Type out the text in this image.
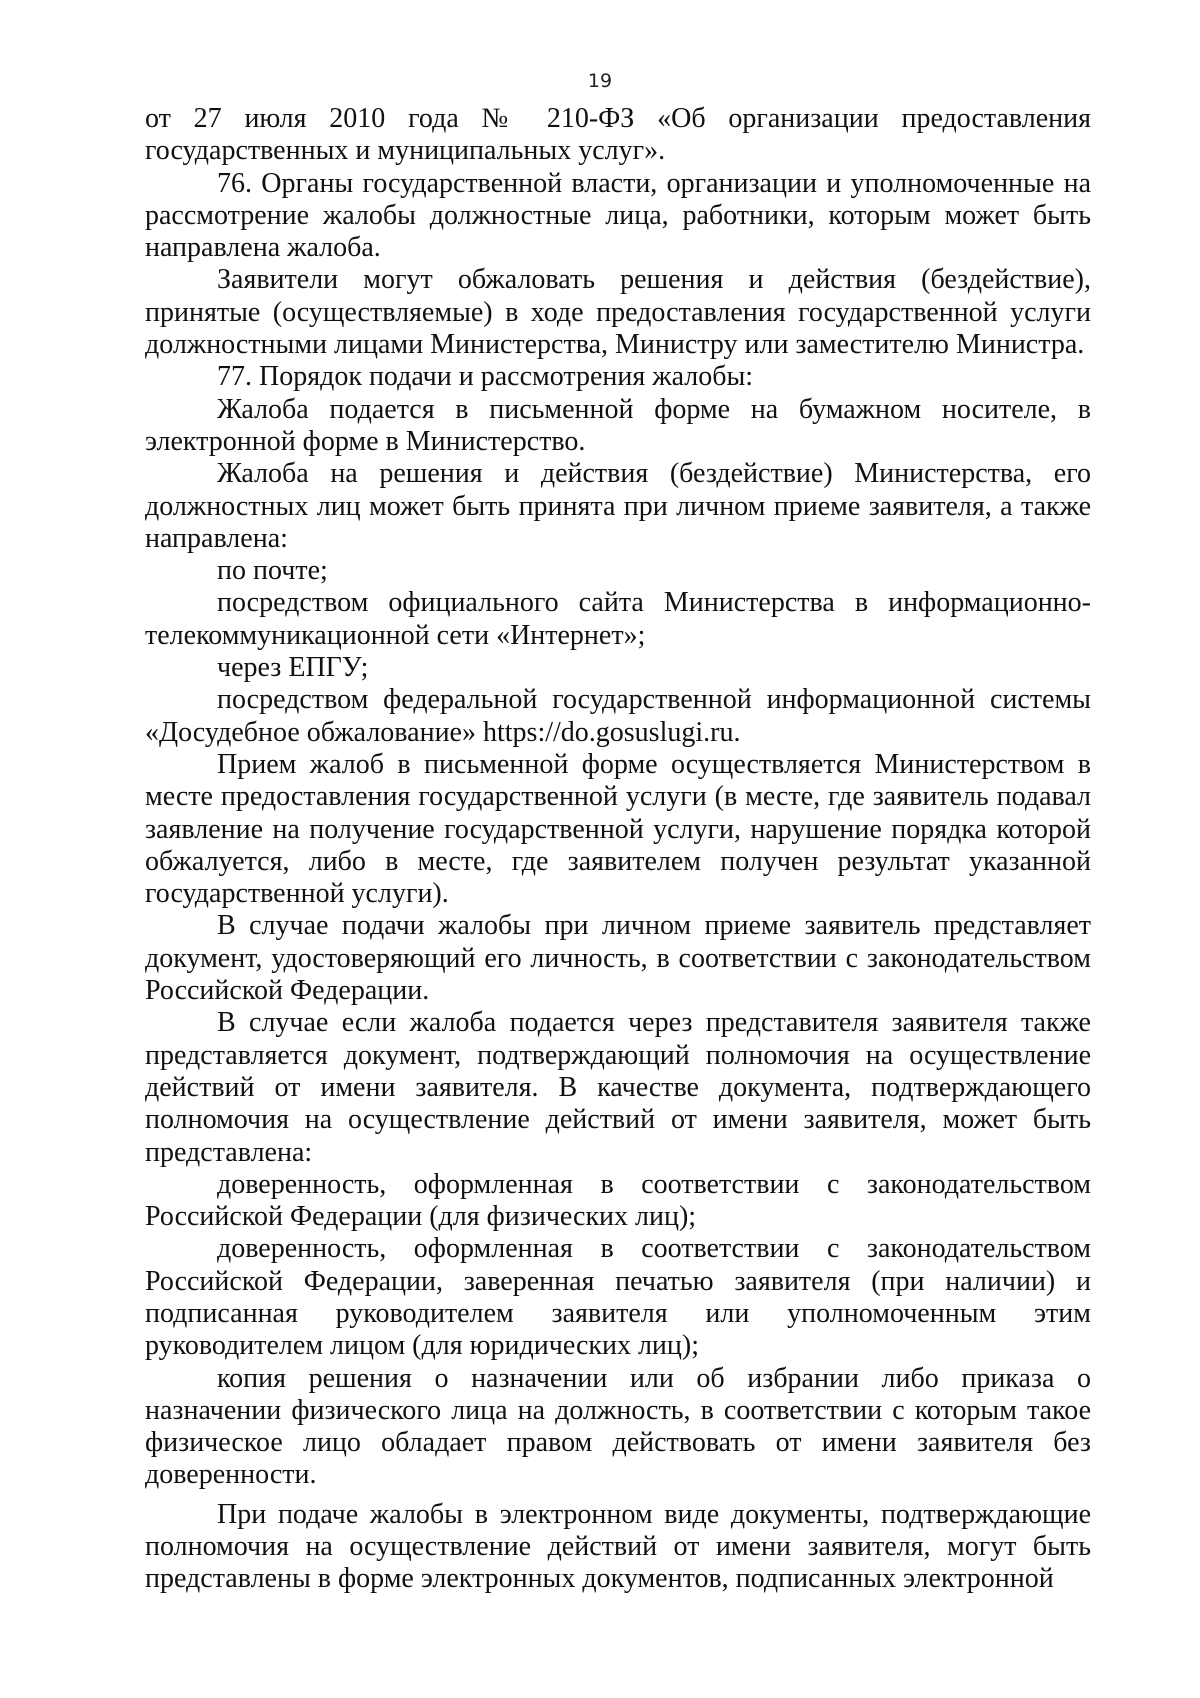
19

от 27 июля 2010 года № 210-ФЗ «Об организации предоставления государственных и муниципальных услуг».

76. Органы государственной власти, организации и уполномоченные на рассмотрение жалобы должностные лица, работники, которым может быть направлена жалоба.

Заявители могут обжаловать решения и действия (бездействие), принятые (осуществляемые) в ходе предоставления государственной услуги должностными лицами Министерства, Министру или заместителю Министра.

77. Порядок подачи и рассмотрения жалобы:

Жалоба подается в письменной форме на бумажном носителе, в электронной форме в Министерство.

Жалоба на решения и действия (бездействие) Министерства, его должностных лиц может быть принята при личном приеме заявителя, а также направлена:

по почте;

посредством официального сайта Министерства в информационно-телекоммуникационной сети «Интернет»;

через ЕПГУ;

посредством федеральной государственной информационной системы «Досудебное обжалование» https://do.gosuslugi.ru.

Прием жалоб в письменной форме осуществляется Министерством в месте предоставления государственной услуги (в месте, где заявитель подавал заявление на получение государственной услуги, нарушение порядка которой обжалуется, либо в месте, где заявителем получен результат указанной государственной услуги).

В случае подачи жалобы при личном приеме заявитель представляет документ, удостоверяющий его личность, в соответствии с законодательством Российской Федерации.

В случае если жалоба подается через представителя заявителя также представляется документ, подтверждающий полномочия на осуществление действий от имени заявителя. В качестве документа, подтверждающего полномочия на осуществление действий от имени заявителя, может быть представлена:

доверенность, оформленная в соответствии с законодательством Российской Федерации (для физических лиц);

доверенность, оформленная в соответствии с законодательством Российской Федерации, заверенная печатью заявителя (при наличии) и подписанная руководителем заявителя или уполномоченным этим руководителем лицом (для юридических лиц);

копия решения о назначении или об избрании либо приказа о назначении физического лица на должность, в соответствии с которым такое физическое лицо обладает правом действовать от имени заявителя без доверенности.

При подаче жалобы в электронном виде документы, подтверждающие полномочия на осуществление действий от имени заявителя, могут быть представлены в форме электронных документов, подписанных электронной
